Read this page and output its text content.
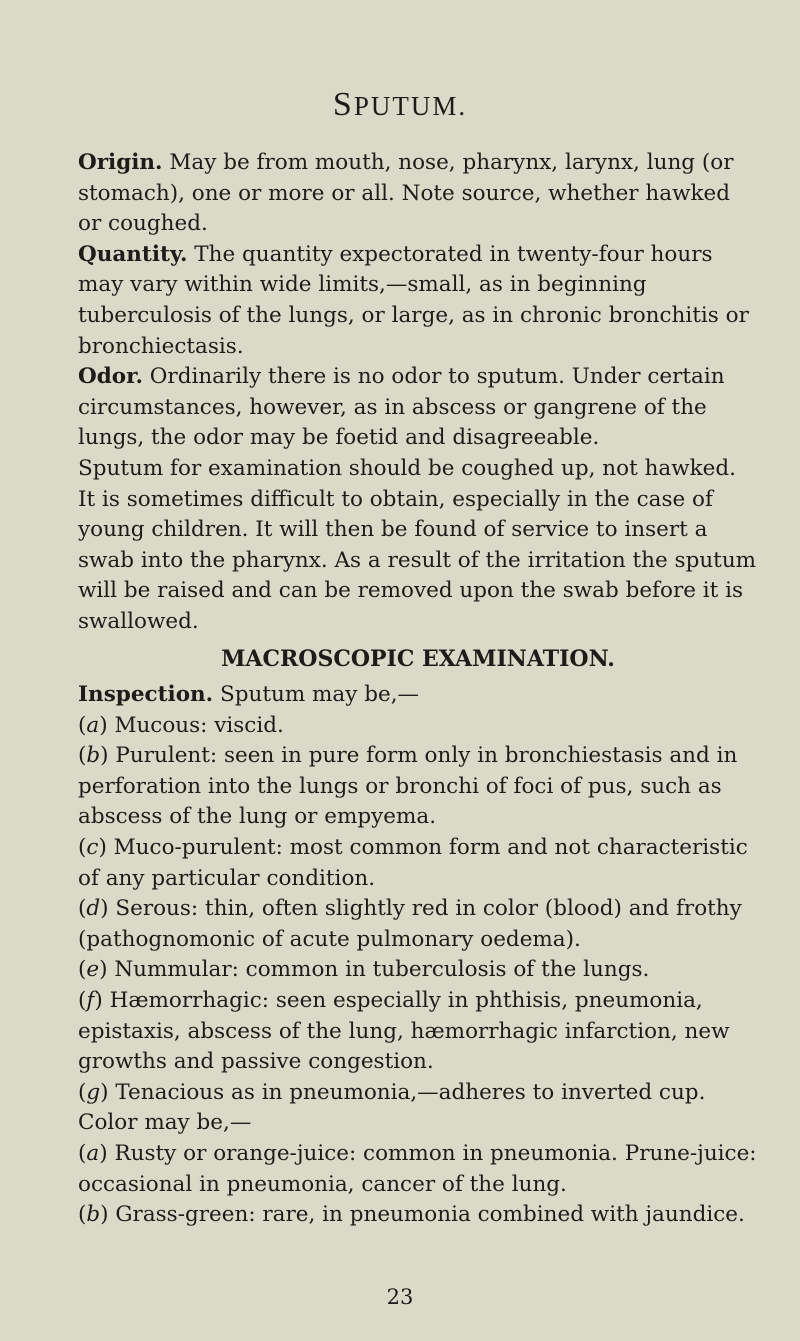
SPUTUM.

Origin. May be from mouth, nose, pharynx, larynx, lung (or stomach), one or more or all. Note source, whether hawked or coughed.

Quantity. The quantity expectorated in twenty-four hours may vary within wide limits,—small, as in beginning tuberculosis of the lungs, or large, as in chronic bronchitis or bronchiectasis.

Odor. Ordinarily there is no odor to sputum. Under certain circumstances, however, as in abscess or gangrene of the lungs, the odor may be foetid and disagreeable.

Sputum for examination should be coughed up, not hawked. It is sometimes difficult to obtain, especially in the case of young children. It will then be found of service to insert a swab into the pharynx. As a result of the irritation the sputum will be raised and can be removed upon the swab before it is swallowed.

MACROSCOPIC EXAMINATION.

Inspection. Sputum may be,—

(a) Mucous: viscid.

(b) Purulent: seen in pure form only in bronchiestasis and in perforation into the lungs or bronchi of foci of pus, such as abscess of the lung or empyema.

(c) Muco-purulent: most common form and not characteristic of any particular condition.

(d) Serous: thin, often slightly red in color (blood) and frothy (pathognomonic of acute pulmonary oedema).

(e) Nummular: common in tuberculosis of the lungs.

(f) Hæmorrhagic: seen especially in phthisis, pneumonia, epistaxis, abscess of the lung, hæmorrhagic infarction, new growths and passive congestion.

(g) Tenacious as in pneumonia,—adheres to inverted cup.

Color may be,—

(a) Rusty or orange-juice: common in pneumonia. Prune-juice: occasional in pneumonia, cancer of the lung.

(b) Grass-green: rare, in pneumonia combined with jaundice.

23
